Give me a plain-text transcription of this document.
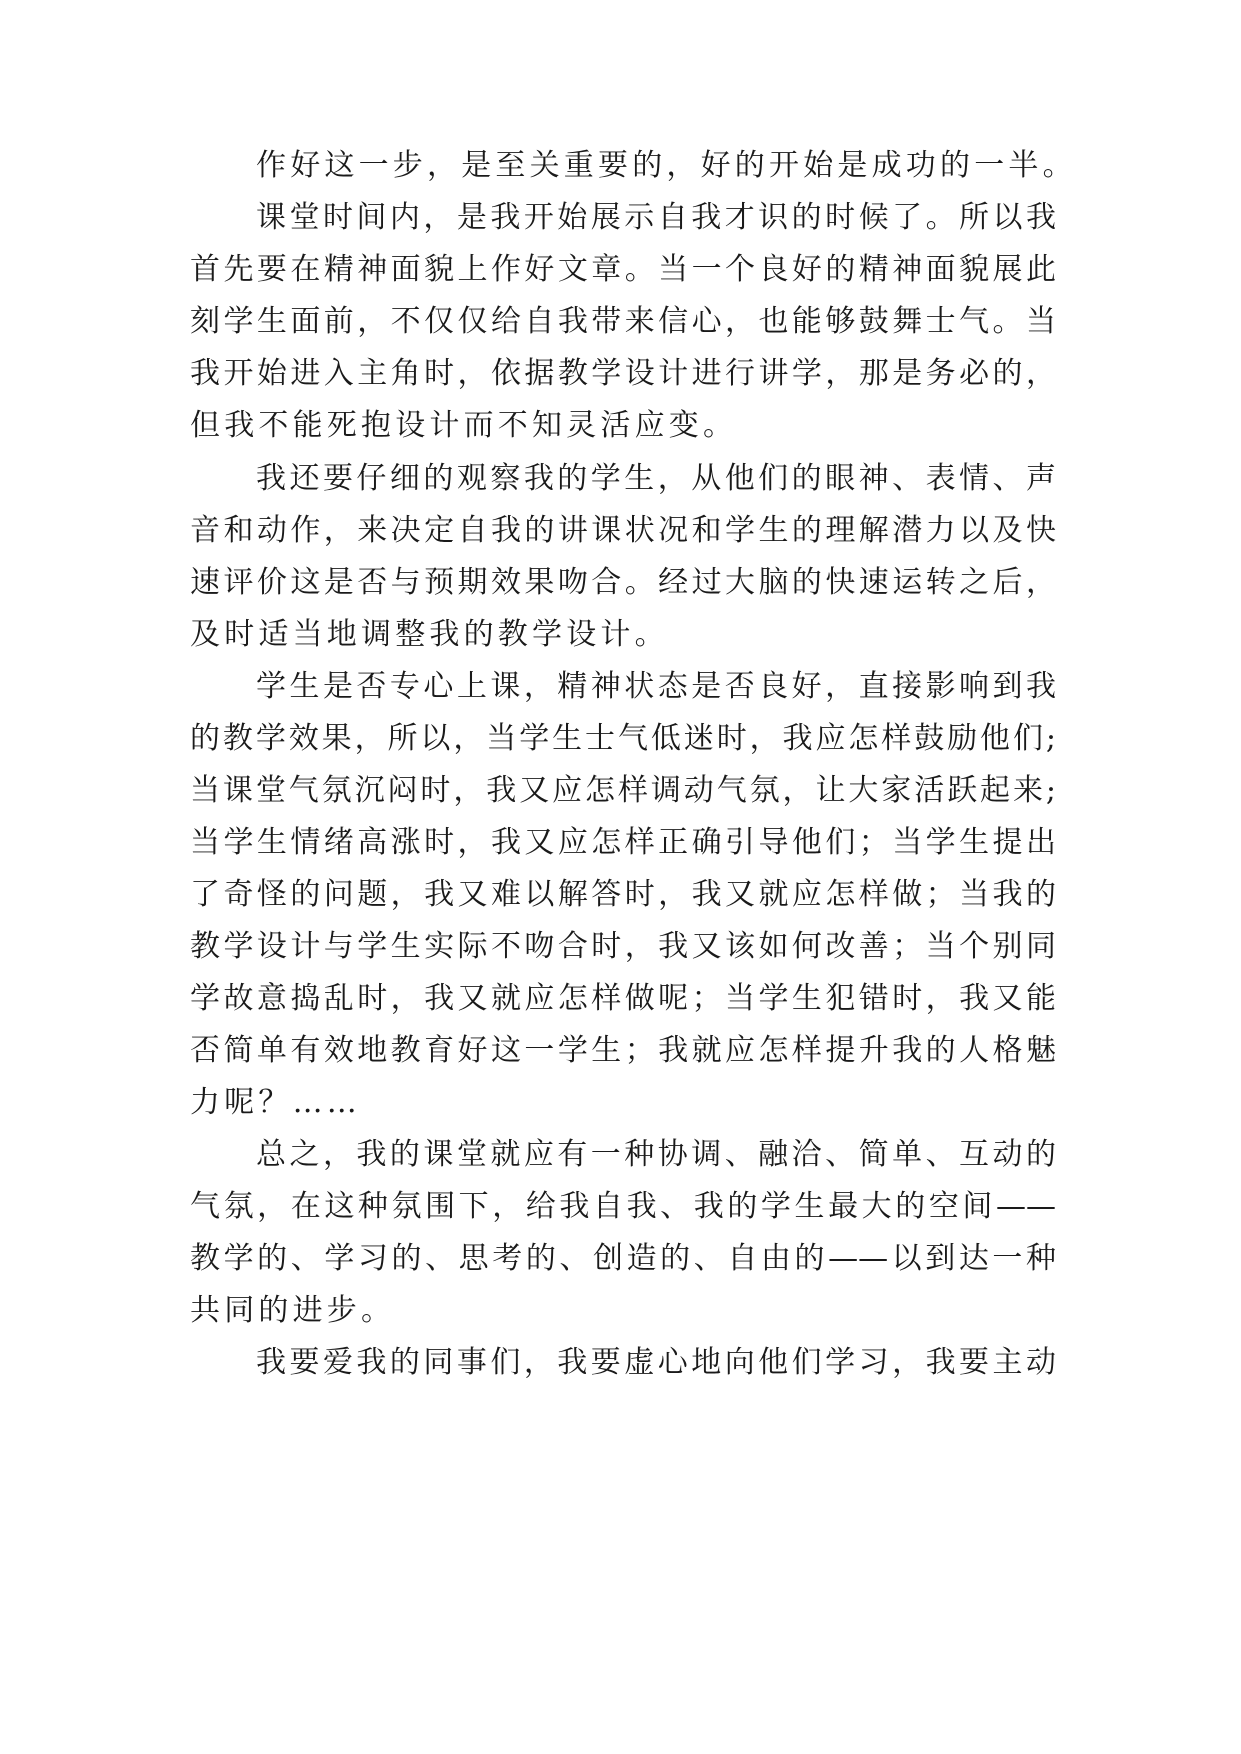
作好这一步，是至关重要的，好的开始是成功的一半。
课堂时间内，是我开始展示自我才识的时候了。所以我
首先要在精神面貌上作好文章。当一个良好的精神面貌展此
刻学生面前，不仅仅给自我带来信心，也能够鼓舞士气。当
我开始进入主角时，依据教学设计进行讲学，那是务必的，
但我不能死抱设计而不知灵活应变。
我还要仔细的观察我的学生，从他们的眼神、表情、声
音和动作，来决定自我的讲课状况和学生的理解潜力以及快
速评价这是否与预期效果吻合。经过大脑的快速运转之后，
及时适当地调整我的教学设计。
学生是否专心上课，精神状态是否良好，直接影响到我
的教学效果，所以，当学生士气低迷时，我应怎样鼓励他们;
当课堂气氛沉闷时，我又应怎样调动气氛，让大家活跃起来;
当学生情绪高涨时，我又应怎样正确引导他们；当学生提出
了奇怪的问题，我又难以解答时，我又就应怎样做；当我的
教学设计与学生实际不吻合时，我又该如何改善；当个别同
学故意捣乱时，我又就应怎样做呢；当学生犯错时，我又能
否简单有效地教育好这一学生；我就应怎样提升我的人格魅
力呢？……
总之，我的课堂就应有一种协调、融洽、简单、互动的
气氛，在这种氛围下，给我自我、我的学生最大的空间——
教学的、学习的、思考的、创造的、自由的——以到达一种
共同的进步。
我要爱我的同事们，我要虚心地向他们学习，我要主动
